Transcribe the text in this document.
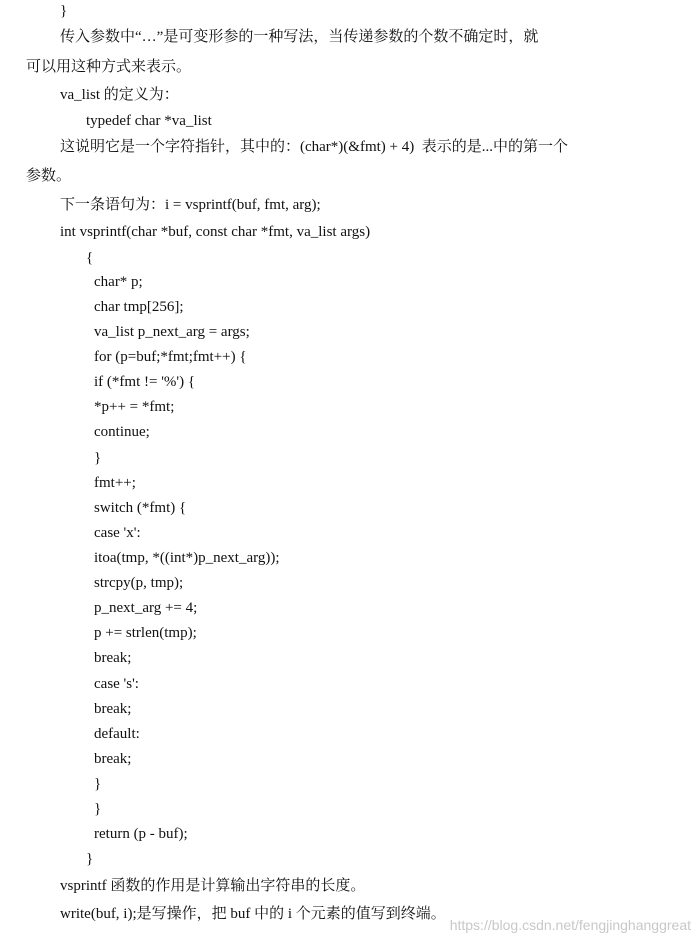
}
传入参数中“…”是可变形参的一种写法，当传递参数的个数不确定时，就
可以用这种方式来表示。
va_list 的定义为：
typedef char *va_list
这说明它是一个字符指针，其中的：(char*)(&fmt) + 4)  表示的是...中的第一个
参数。
下一条语句为：i = vsprintf(buf, fmt, arg);
int vsprintf(char *buf, const char *fmt, va_list args)
{
char* p;
char tmp[256];
va_list p_next_arg = args;
for (p=buf;*fmt;fmt++) {
if (*fmt != '%') {
*p++ = *fmt;
continue;
}
fmt++;
switch (*fmt) {
case 'x':
itoa(tmp, *((int*)p_next_arg));
strcpy(p, tmp);
p_next_arg += 4;
p += strlen(tmp);
break;
case 's':
break;
default:
break;
}
}
return (p - buf);
}
vsprintf 函数的作用是计算输出字符串的长度。
write(buf, i);是写操作，把 buf 中的 i 个元素的值写到终端。
https://blog.csdn.net/fengjinghanggreat
